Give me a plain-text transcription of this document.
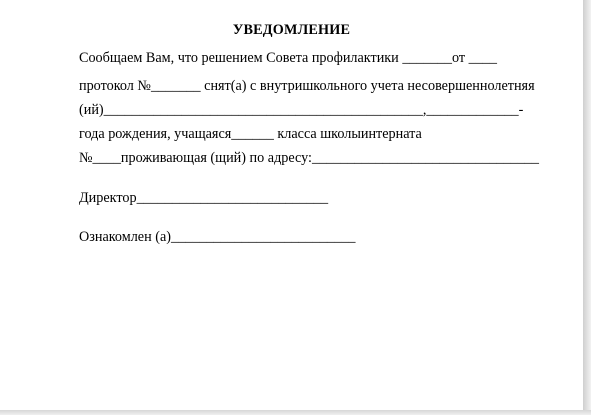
УВЕДОМЛЕНИЕ
Сообщаем Вам, что решением Совета профилактики _______от ____
протокол №_______ снят(а) с внутришкольного учета несовершеннолетняя
(ий)_____________________________________________,_____________-
года рождения, учащаяся______ класса школыинтерната
№____проживающая (щий) по адресу:________________________________
Директор___________________________
Ознакомлен (а)__________________________
